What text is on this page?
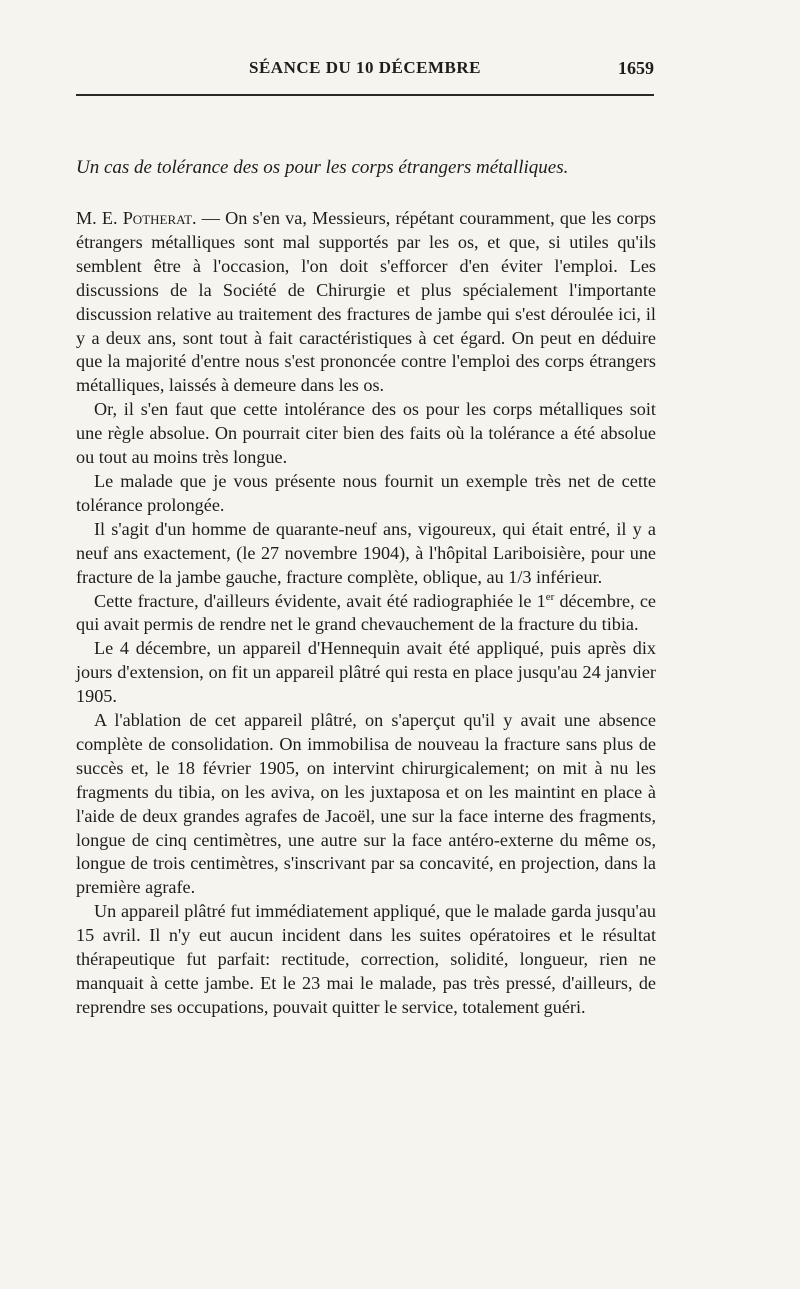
SÉANCE DU 10 DÉCEMBRE	1659
Un cas de tolérance des os pour les corps étrangers métalliques.

M. E. Potherat. — On s'en va, Messieurs, répétant couramment, que les corps étrangers métalliques sont mal supportés par les os, et que, si utiles qu'ils semblent être à l'occasion, l'on doit s'efforcer d'en éviter l'emploi. Les discussions de la Société de Chirurgie et plus spécialement l'importante discussion relative au traitement des fractures de jambe qui s'est déroulée ici, il y a deux ans, sont tout à fait caractéristiques à cet égard. On peut en déduire que la majorité d'entre nous s'est prononcée contre l'emploi des corps étrangers métalliques, laissés à demeure dans les os.

Or, il s'en faut que cette intolérance des os pour les corps métalliques soit une règle absolue. On pourrait citer bien des faits où la tolérance a été absolue ou tout au moins très longue.

Le malade que je vous présente nous fournit un exemple très net de cette tolérance prolongée.

Il s'agit d'un homme de quarante-neuf ans, vigoureux, qui était entré, il y a neuf ans exactement, (le 27 novembre 1904), à l'hôpital Lariboisière, pour une fracture de la jambe gauche, fracture complète, oblique, au 1/3 inférieur.

Cette fracture, d'ailleurs évidente, avait été radiographiée le 1er décembre, ce qui avait permis de rendre net le grand chevauchement de la fracture du tibia.

Le 4 décembre, un appareil d'Hennequin avait été appliqué, puis après dix jours d'extension, on fit un appareil plâtré qui resta en place jusqu'au 24 janvier 1905.

A l'ablation de cet appareil plâtré, on s'aperçut qu'il y avait une absence complète de consolidation. On immobilisa de nouveau la fracture sans plus de succès et, le 18 février 1905, on intervint chirurgicalement; on mit à nu les fragments du tibia, on les aviva, on les juxtaposa et on les maintint en place à l'aide de deux grandes agrafes de Jacoël, une sur la face interne des fragments, longue de cinq centimètres, une autre sur la face antéro-externe du même os, longue de trois centimètres, s'inscrivant par sa concavité, en projection, dans la première agrafe.

Un appareil plâtré fut immédiatement appliqué, que le malade garda jusqu'au 15 avril. Il n'y eut aucun incident dans les suites opératoires et le résultat thérapeutique fut parfait: rectitude, correction, solidité, longueur, rien ne manquait à cette jambe. Et le 23 mai le malade, pas très pressé, d'ailleurs, de reprendre ses occupations, pouvait quitter le service, totalement guéri.
